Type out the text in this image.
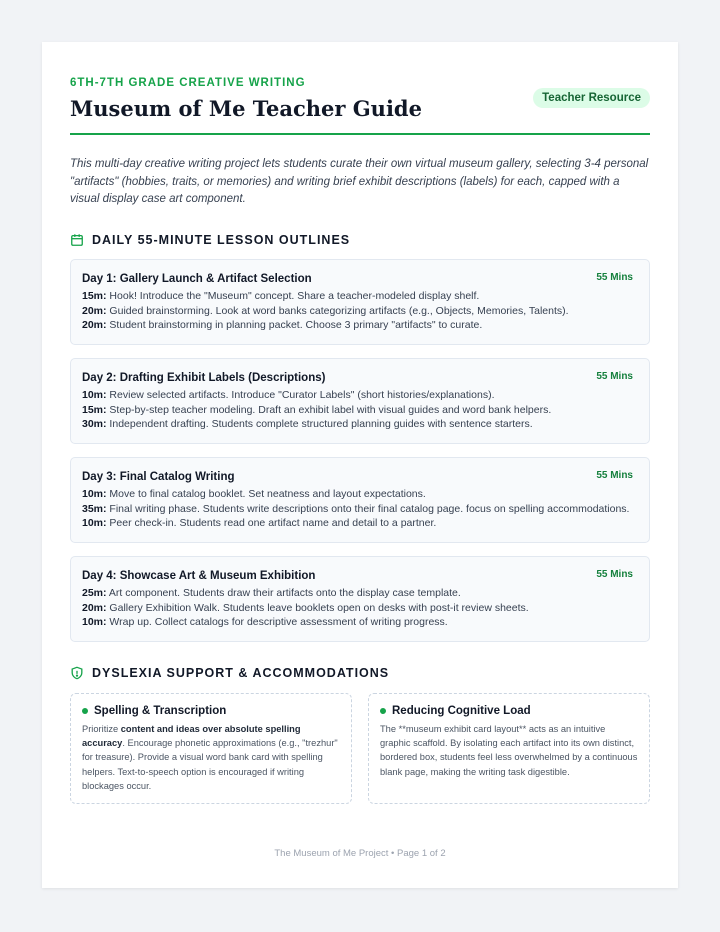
6TH-7TH GRADE CREATIVE WRITING
Museum of Me Teacher Guide	Teacher Resource

This multi-day creative writing project lets students curate their own virtual museum gallery, selecting 3-4 personal "artifacts" (hobbies, traits, or memories) and writing brief exhibit descriptions (labels) for each, capped with a visual display case art component.

DAILY 55-MINUTE LESSON OUTLINES
Day 1: Gallery Launch & Artifact Selection	55 Mins
15m: Hook! Introduce the "Museum" concept. Share a teacher-modeled display shelf.
20m: Guided brainstorming. Look at word banks categorizing artifacts (e.g., Objects, Memories, Talents).
20m: Student brainstorming in planning packet. Choose 3 primary "artifacts" to curate.
Day 2: Drafting Exhibit Labels (Descriptions)	55 Mins
10m: Review selected artifacts. Introduce "Curator Labels" (short histories/explanations).
15m: Step-by-step teacher modeling. Draft an exhibit label with visual guides and word bank helpers.
30m: Independent drafting. Students complete structured planning guides with sentence starters.
Day 3: Final Catalog Writing	55 Mins
10m: Move to final catalog booklet. Set neatness and layout expectations.
35m: Final writing phase. Students write descriptions onto their final catalog page. focus on spelling accommodations.
10m: Peer check-in. Students read one artifact name and detail to a partner.
Day 4: Showcase Art & Museum Exhibition	55 Mins
25m: Art component. Students draw their artifacts onto the display case template.
20m: Gallery Exhibition Walk. Students leave booklets open on desks with post-it review sheets.
10m: Wrap up. Collect catalogs for descriptive assessment of writing progress.
DYSLEXIA SUPPORT & ACCOMMODATIONS
Spelling & Transcription
Prioritize content and ideas over absolute spelling accuracy. Encourage phonetic approximations (e.g., "trezhur" for treasure). Provide a visual word bank card with spelling helpers. Text-to-speech option is encouraged if writing blockages occur.
Reducing Cognitive Load
The **museum exhibit card layout** acts as an intuitive graphic scaffold. By isolating each artifact into its own distinct, bordered box, students feel less overwhelmed by a continuous blank page, making the writing task digestible.
The Museum of Me Project • Page 1 of 2
